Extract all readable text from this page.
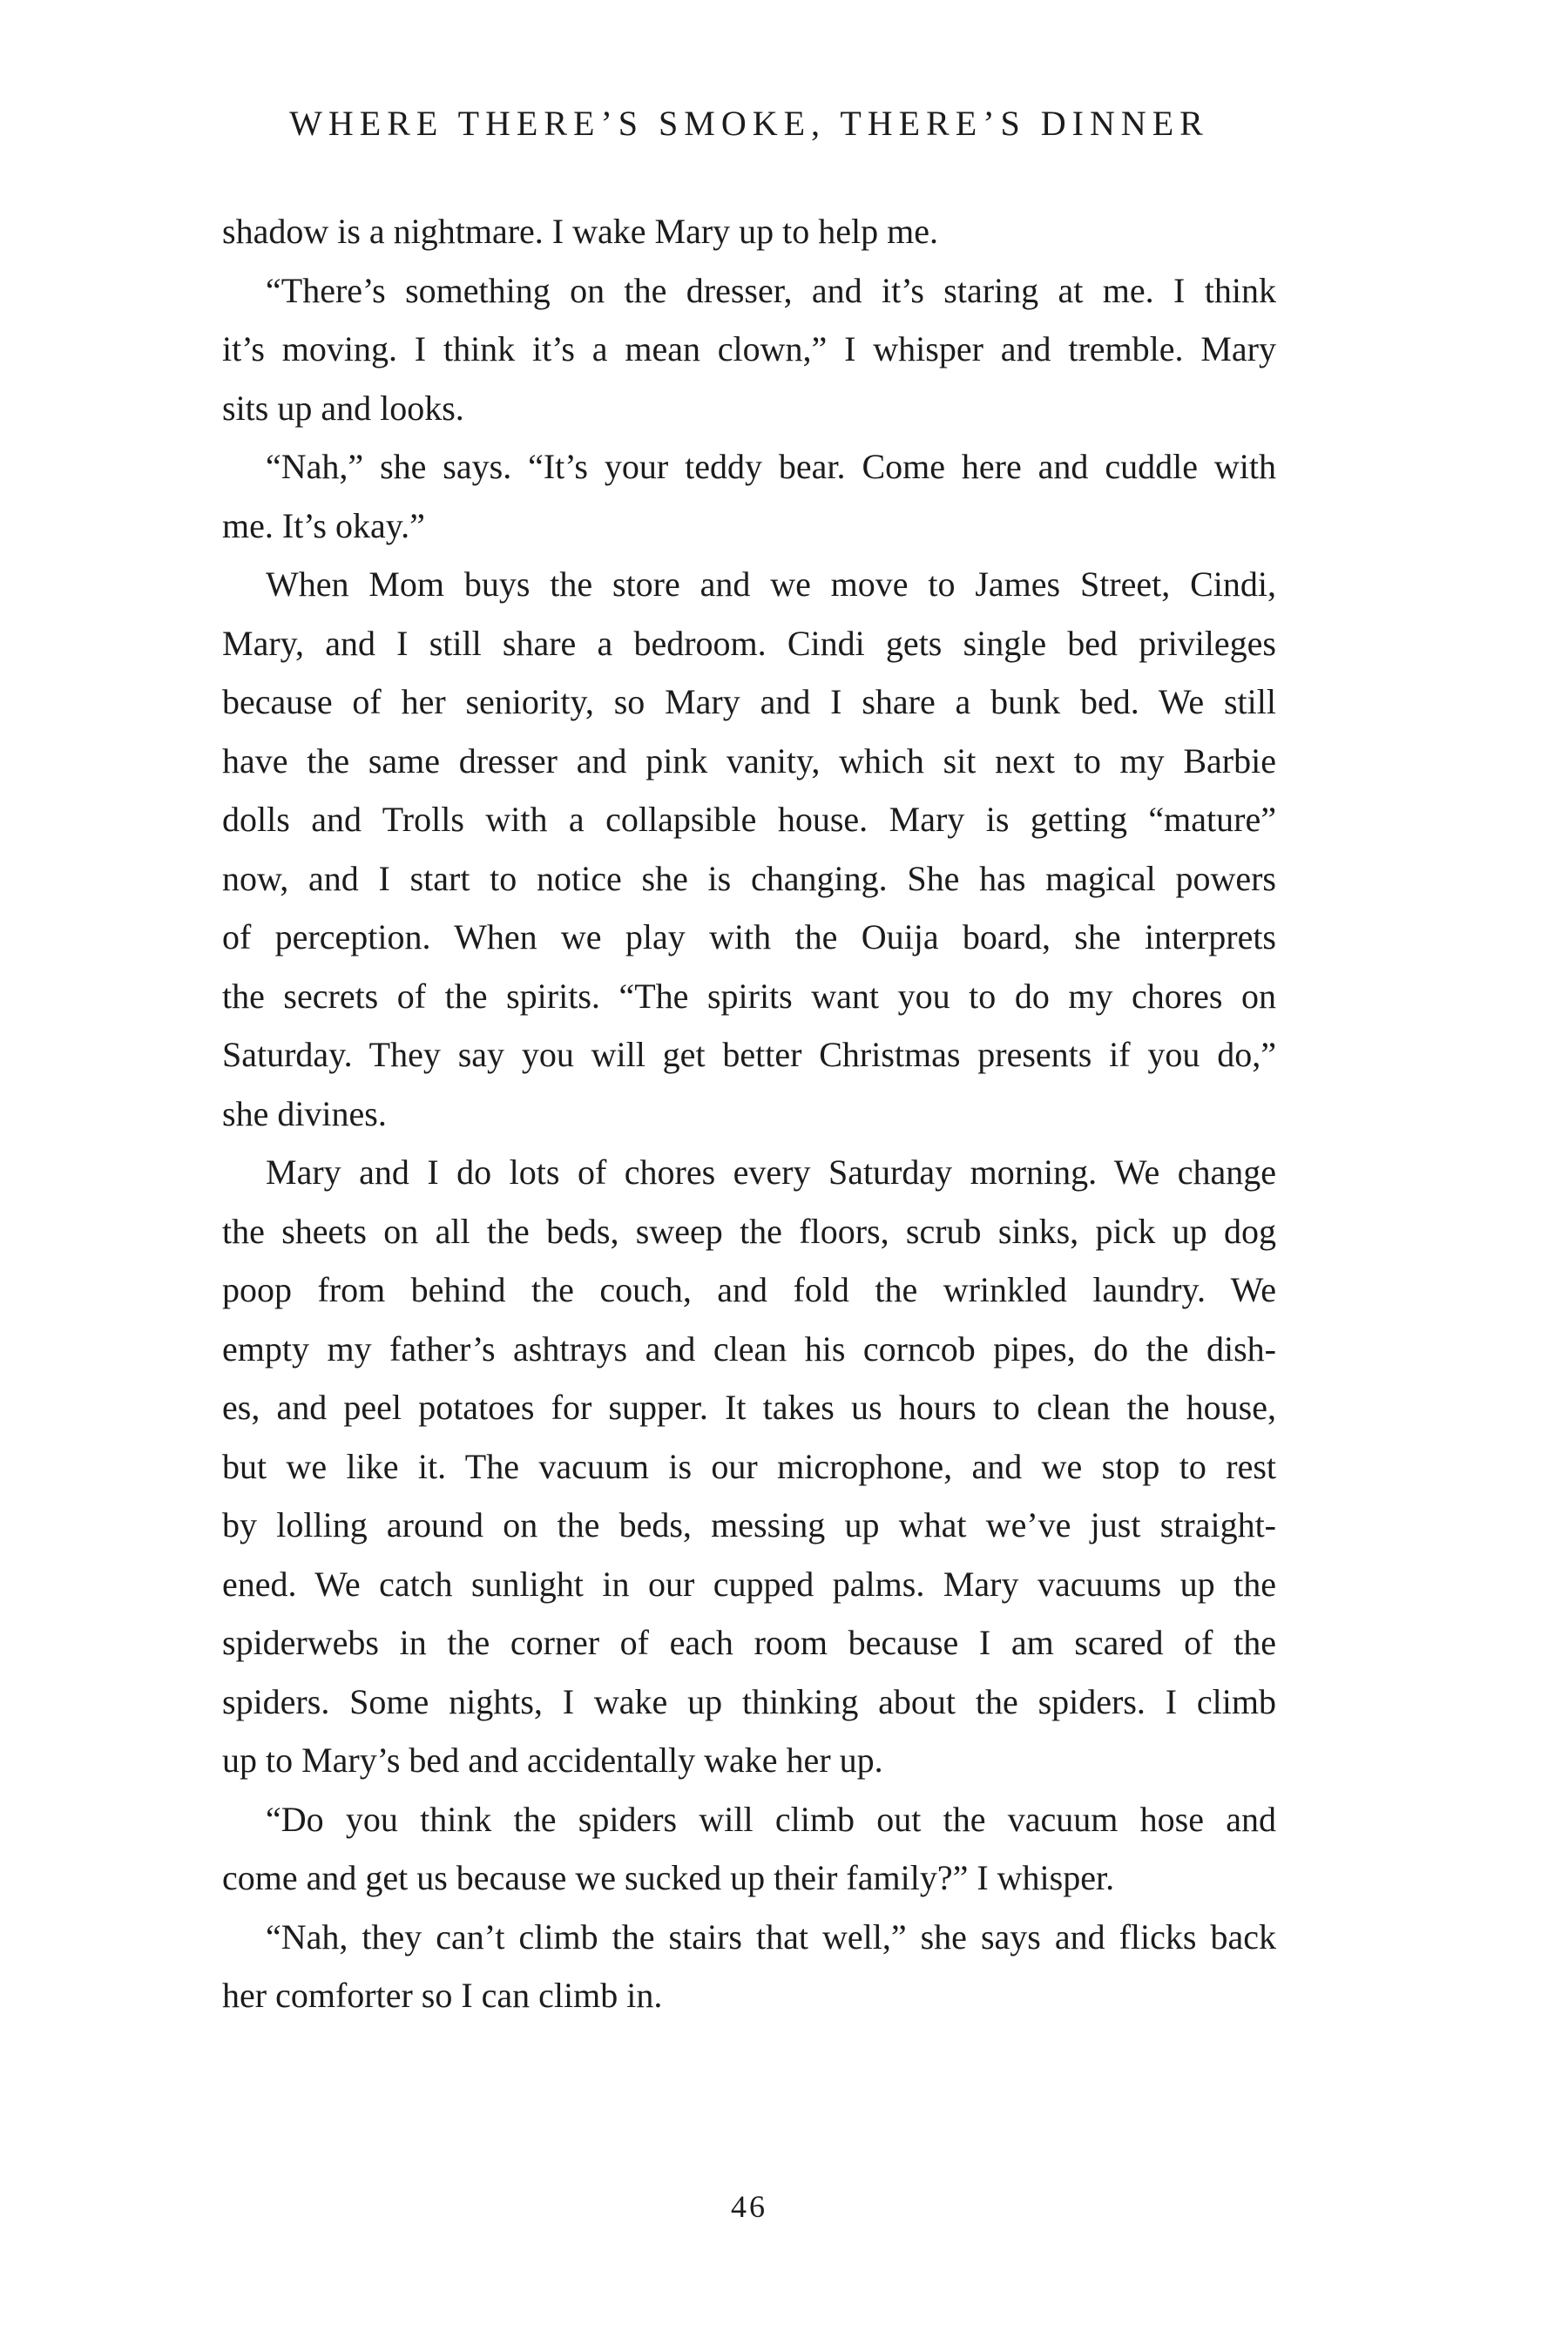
WHERE THERE’S SMOKE, THERE’S DINNER
shadow is a nightmare. I wake Mary up to help me.
“There’s something on the dresser, and it’s staring at me. I think
it’s moving. I think it’s a mean clown,” I whisper and tremble. Mary
sits up and looks.
“Nah,” she says. “It’s your teddy bear. Come here and cuddle with
me. It’s okay.”
When Mom buys the store and we move to James Street, Cindi,
Mary, and I still share a bedroom. Cindi gets single bed privileges
because of her seniority, so Mary and I share a bunk bed. We still
have the same dresser and pink vanity, which sit next to my Barbie
dolls and Trolls with a collapsible house. Mary is getting “mature”
now, and I start to notice she is changing. She has magical powers
of perception. When we play with the Ouija board, she interprets
the secrets of the spirits. “The spirits want you to do my chores on
Saturday. They say you will get better Christmas presents if you do,”
she divines.
Mary and I do lots of chores every Saturday morning. We change
the sheets on all the beds, sweep the floors, scrub sinks, pick up dog
poop from behind the couch, and fold the wrinkled laundry. We
empty my father’s ashtrays and clean his corncob pipes, do the dish-
es, and peel potatoes for supper. It takes us hours to clean the house,
but we like it. The vacuum is our microphone, and we stop to rest
by lolling around on the beds, messing up what we’ve just straight-
ened. We catch sunlight in our cupped palms. Mary vacuums up the
spiderwebs in the corner of each room because I am scared of the
spiders. Some nights, I wake up thinking about the spiders. I climb
up to Mary’s bed and accidentally wake her up.
“Do you think the spiders will climb out the vacuum hose and
come and get us because we sucked up their family?” I whisper.
“Nah, they can’t climb the stairs that well,” she says and flicks back
her comforter so I can climb in.
46
